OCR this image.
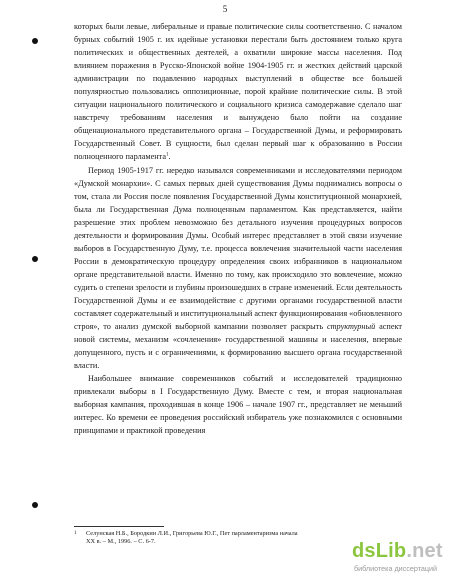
5

которых были левые, либеральные и правые политические силы соответственно. С началом бурных событий 1905 г. их идейные установки перестали быть достоянием только круга политических и общественных деятелей, а охватили широкие массы населения. Под влиянием поражения в Русско-Японской войне 1904-1905 гг. и жестких действий царской администрации по подавлению народных выступлений в обществе все большей популярностью пользовались оппозиционные, порой крайние политические силы. В этой ситуации национального политического и социального кризиса самодержавие сделало шаг навстречу требованиям населения и вынуждено было пойти на создание общенационального представительного органа – Государственной Думы, и реформировать Государственный Совет. В сущности, был сделан первый шаг к образованию в России полноценного парламента$^1$.

Период 1905-1917 гг. нередко назывался современниками и исследователями периодом «Думской монархии». С самых первых дней существования Думы поднимались вопросы о том, стала ли Россия после появления Государственной Думы конституционной монархией, была ли Государственная Дума полноценным парламентом. Как представляется, найти разрешение этих проблем невозможно без детального изучения процедурных вопросов деятельности и формирования Думы. Особый интерес представляет в этой связи изучение выборов в Государственную Думу, т.е. процесса вовлечения значительной части населения России в демократическую процедуру определения своих избранников в национальном органе представительной власти. Именно по тому, как происходило это вовлечение, можно судить о степени зрелости и глубины произошедших в стране изменений. Если деятельность Государственной Думы и ее взаимодействие с другими органами государственной власти составляет содержательный и институциональный аспект функционирования «обновленного строя», то анализ думской выборной кампании позволяет раскрыть структурный аспект новой системы, механизм «сочленения» государственной машины и населения, впервые допущенного, пусть и с ограничениями, к формированию высшего органа государственной власти.

Наибольшее внимание современников событий и исследователей традиционно привлекали выборы в I Государственную Думу. Вместе с тем, и вторая национальная выборная кампания, проходившая в конце 1906 – начале 1907 гг., представляет не меньший интерес. Ко времени ее проведения российский избиратель уже познакомился с основными принципами и практикой проведения

1	Селунская Н.Б., Бородкин Л.И., Григорьева Ю.Г., Пет парламентаризма начала XX в. – М., 1996. – С. 6-7.	dsLib.net
библиотека диссертаций
